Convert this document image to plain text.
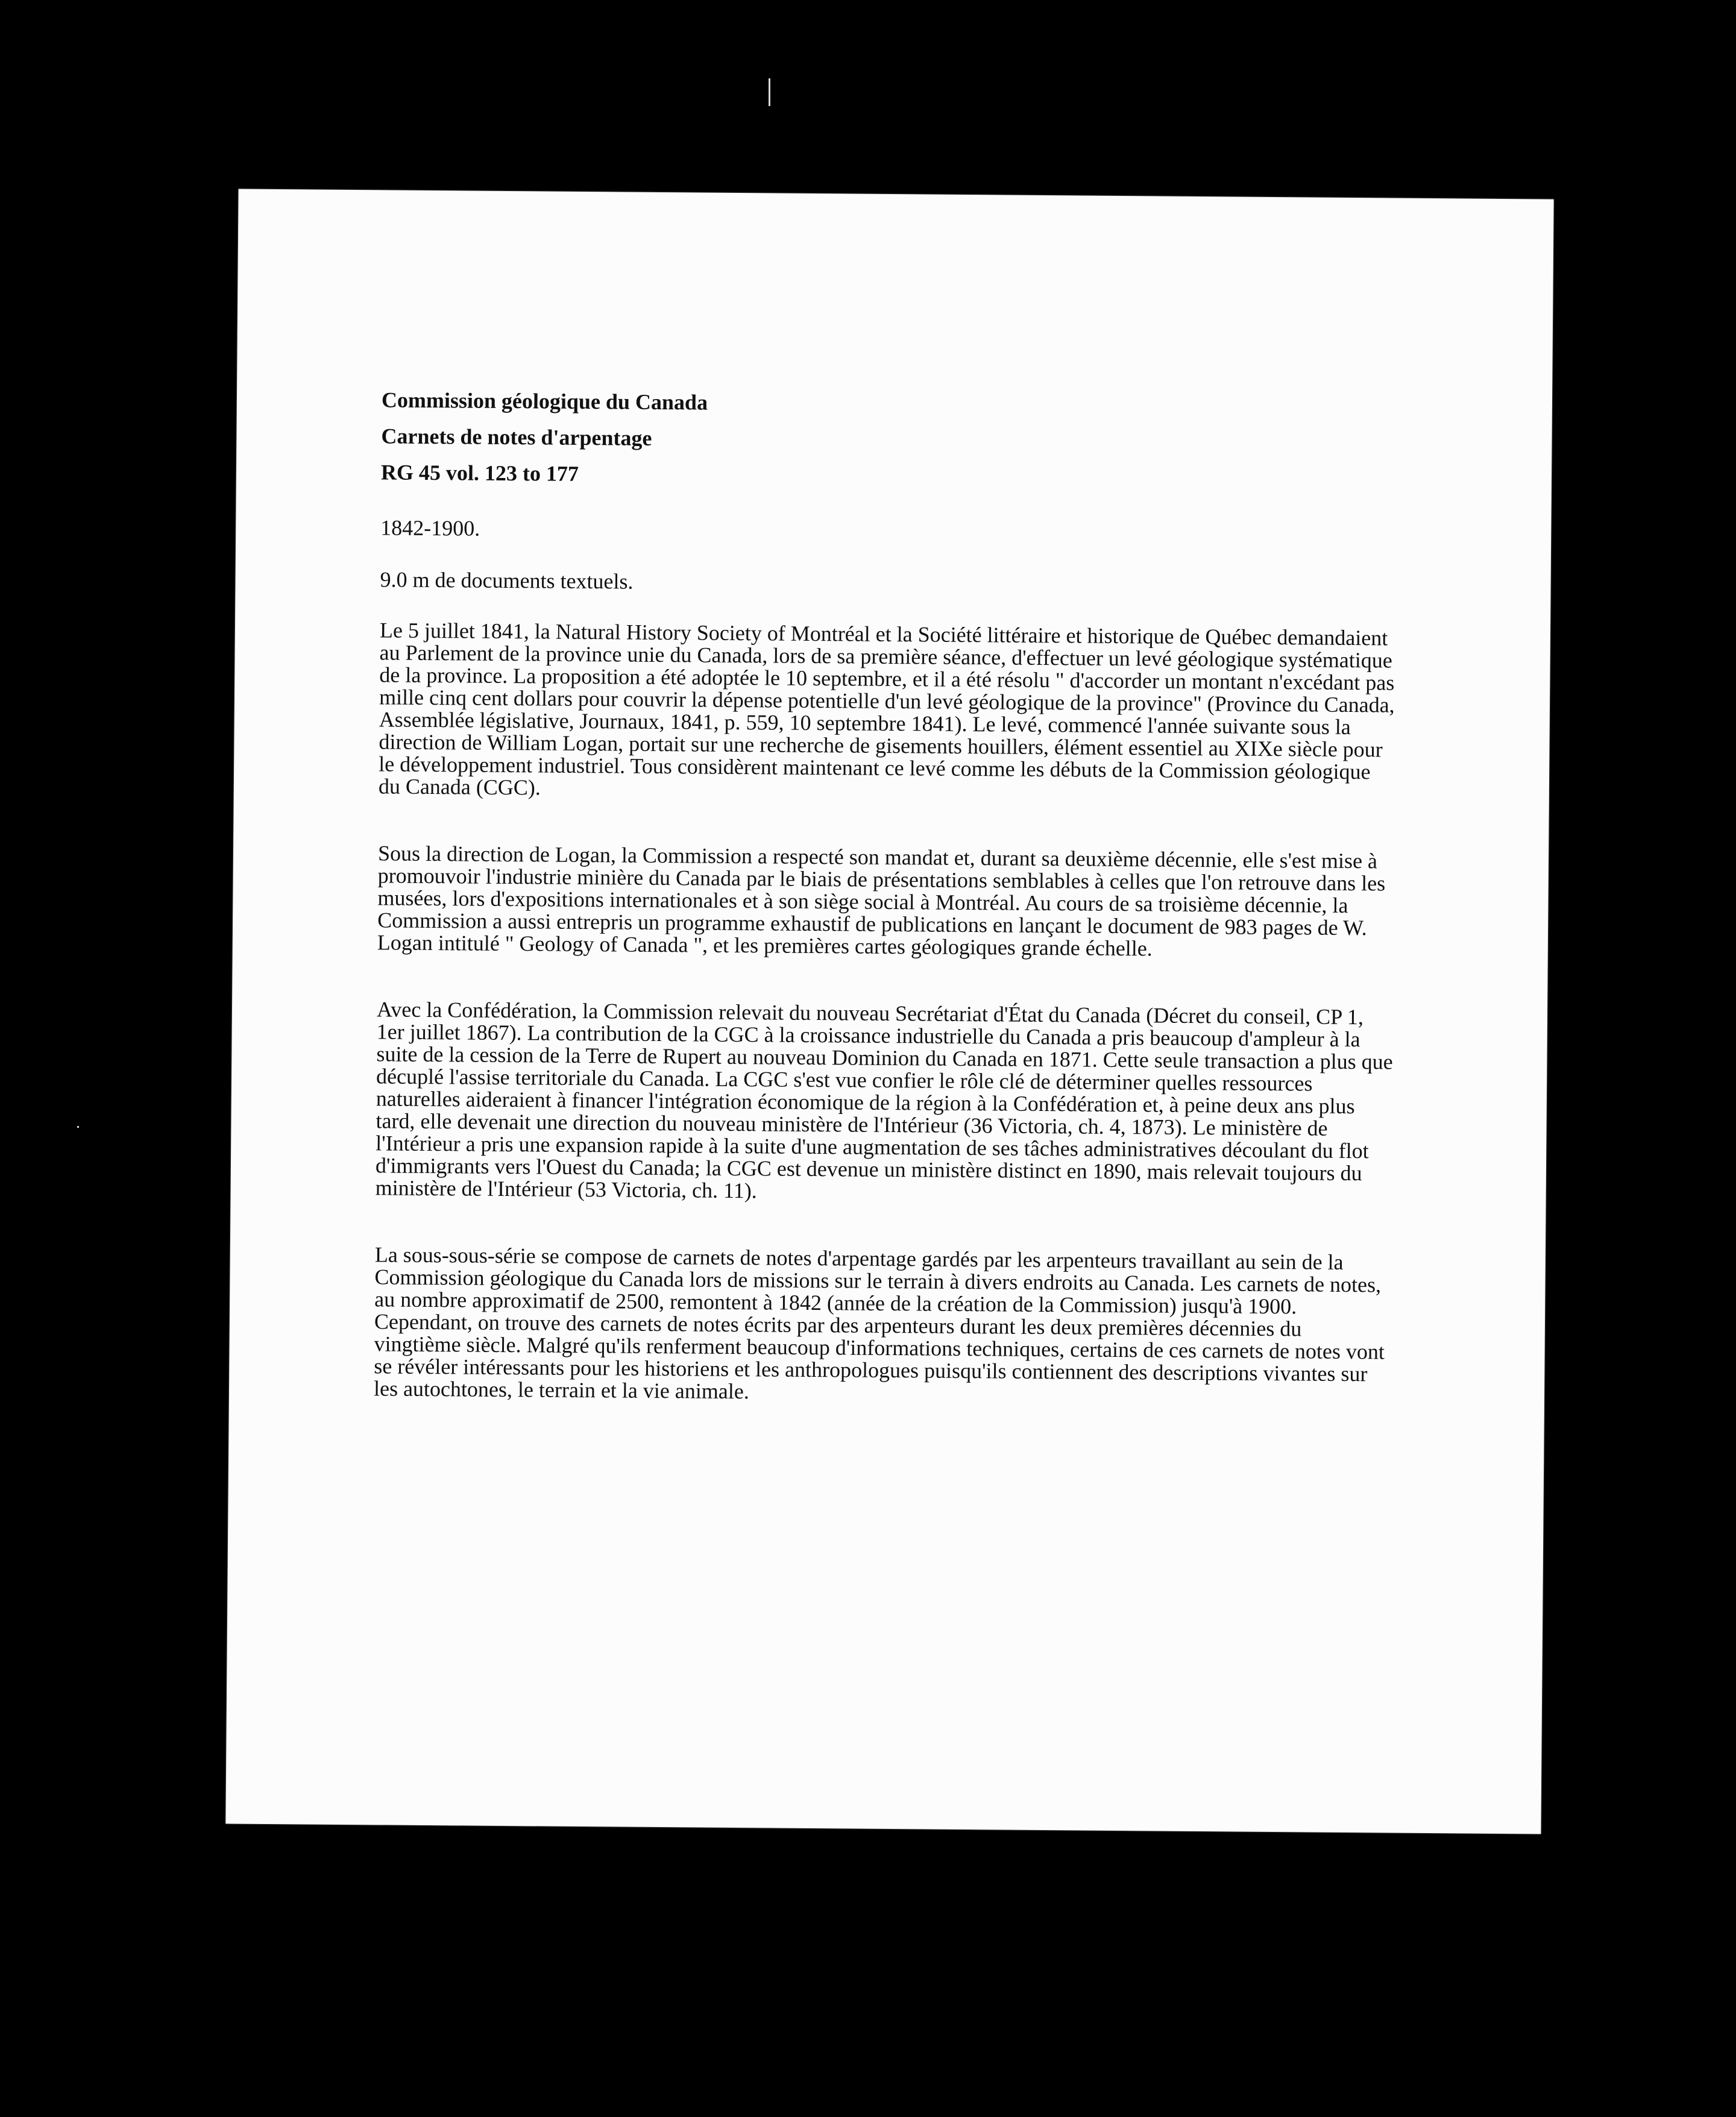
Commission géologique du Canada

Carnets de notes d'arpentage

RG 45 vol. 123 to 177

1842-1900.

9.0 m de documents textuels.

Le 5 juillet 1841, la Natural History Society of Montréal et la Société littéraire et historique de Québec demandaient au Parlement de la province unie du Canada, lors de sa première séance, d'effectuer un levé géologique systématique de la province. La proposition a été adoptée le 10 septembre, et il a été résolu " d'accorder un montant n'excédant pas mille cinq cent dollars pour couvrir la dépense potentielle d'un levé géologique de la province" (Province du Canada, Assemblée législative, Journaux, 1841, p. 559, 10 septembre 1841). Le levé, commencé l'année suivante sous la direction de William Logan, portait sur une recherche de gisements houillers, élément essentiel au XIXe siècle pour le développement industriel. Tous considèrent maintenant ce levé comme les débuts de la Commission géologique du Canada (CGC).

Sous la direction de Logan, la Commission a respecté son mandat et, durant sa deuxième décennie, elle s'est mise à promouvoir l'industrie minière du Canada par le biais de présentations semblables à celles que l'on retrouve dans les musées, lors d'expositions internationales et à son siège social à Montréal. Au cours de sa troisième décennie, la Commission a aussi entrepris un programme exhaustif de publications en lançant le document de 983 pages de W. Logan intitulé " Geology of Canada ", et les premières cartes géologiques grande échelle.

Avec la Confédération, la Commission relevait du nouveau Secrétariat d'État du Canada (Décret du conseil, CP 1, 1er juillet 1867). La contribution de la CGC à la croissance industrielle du Canada a pris beaucoup d'ampleur à la suite de la cession de la Terre de Rupert au nouveau Dominion du Canada en 1871. Cette seule transaction a plus que décuplé l'assise territoriale du Canada. La CGC s'est vue confier le rôle clé de déterminer quelles ressources naturelles aideraient à financer l'intégration économique de la région à la Confédération et, à peine deux ans plus tard, elle devenait une direction du nouveau ministère de l'Intérieur (36 Victoria, ch. 4, 1873). Le ministère de l'Intérieur a pris une expansion rapide à la suite d'une augmentation de ses tâches administratives découlant du flot d'immigrants vers l'Ouest du Canada; la CGC est devenue un ministère distinct en 1890, mais relevait toujours du ministère de l'Intérieur (53 Victoria, ch. 11).

La sous-sous-série se compose de carnets de notes d'arpentage gardés par les arpenteurs travaillant au sein de la Commission géologique du Canada lors de missions sur le terrain à divers endroits au Canada. Les carnets de notes, au nombre approximatif de 2500, remontent à 1842 (année de la création de la Commission) jusqu'à 1900. Cependant, on trouve des carnets de notes écrits par des arpenteurs durant les deux premières décennies du vingtième siècle. Malgré qu'ils renferment beaucoup d'informations techniques, certains de ces carnets de notes vont se révéler intéressants pour les historiens et les anthropologues puisqu'ils contiennent des descriptions vivantes sur les autochtones, le terrain et la vie animale.
